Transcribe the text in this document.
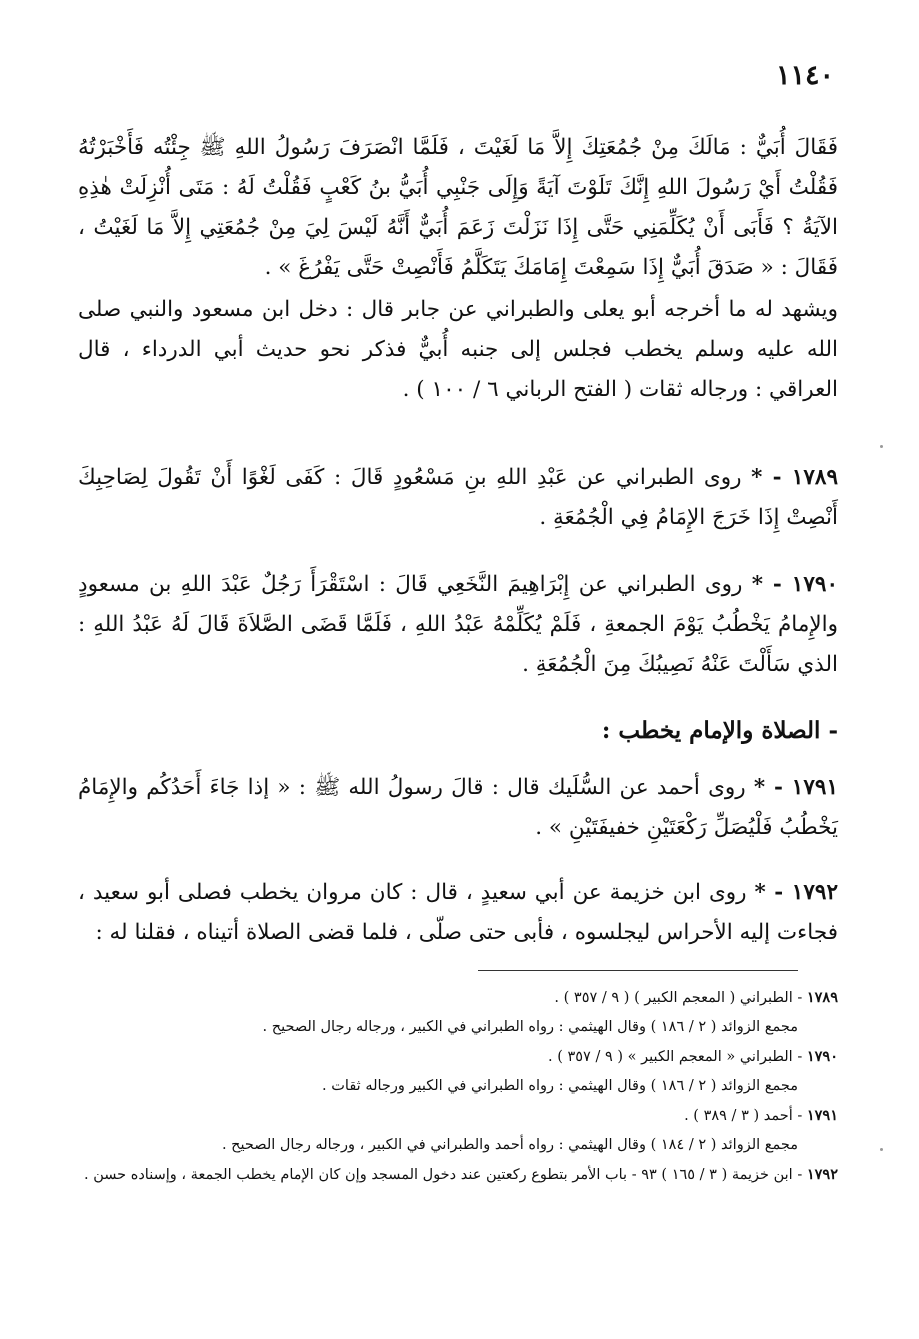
١١٤٠

فَقَالَ أُبَيٌّ : مَالَكَ مِنْ جُمُعَتِكَ إِلاَّ مَا لَغَيْتَ ، فَلَمَّا انْصَرَفَ رَسُولُ اللهِ ﷺ جِئْتُه فَأَخْبَرْتُهُ فَقُلْتُ أَيْ رَسُولَ اللهِ إِنَّكَ تَلَوْتَ آيَةً وَإِلَى جَنْبِي أُبَيُّ بنُ كَعْبٍ فَقُلْتُ لَهُ : مَتَى أُنْزِلَتْ هٰذِهِ الآيَةُ ؟ فَأَبَى أَنْ يُكَلِّمَنِي حَتَّى إِذَا نَزَلْتَ زَعَمَ أُبَيٌّ أَنَّهُ لَيْسَ لِيَ مِنْ جُمُعَتِي إِلاَّ مَا لَغَيْتُ ، فَقَالَ : « صَدَقَ أُبَيٌّ إِذَا سَمِعْتَ إِمَامَكَ يَتَكَلَّمُ فَأَنْصِتْ حَتَّى يَفْرُغَ » .

ويشهد له ما أخرجه أبو يعلى والطبراني عن جابر قال : دخل ابن مسعود والنبي صلى الله عليه وسلم يخطب فجلس إلى جنبه أُبيٌّ فذكر نحو حديث أبي الدرداء ، قال العراقي : ورجاله ثقات ( الفتح الرباني ٦ / ١٠٠ ) .

١٧٨٩ - * روى الطبراني عن عَبْدِ اللهِ بنِ مَسْعُودٍ قَالَ : كَفَى لَغْوًا أَنْ تَقُولَ لِصَاحِبِكَ أَنْصِتْ إِذَا خَرَجَ الإِمَامُ فِي الْجُمُعَةِ .

١٧٩٠ - * روى الطبراني عن إِبْرَاهِيمَ النَّخَعِي قَالَ : اسْتَقْرَأَ رَجُلٌ عَبْدَ اللهِ بن مسعودٍ والإِمامُ يَخْطُبُ يَوْمَ الجمعةِ ، فَلَمْ يُكَلِّمْهُ عَبْدُ اللهِ ، فَلَمَّا قَضَى الصَّلاَةَ قَالَ لَهُ عَبْدُ اللهِ : الذي سَأَلْتَ عَنْهُ نَصِيبُكَ مِنَ الْجُمُعَةِ .

- الصلاة والإمام يخطب :

١٧٩١ - * روى أحمد عن السُّلَيك قال : قالَ رسولُ الله ﷺ : « إذا جَاءَ أَحَدُكُم والإِمَامُ يَخْطُبُ فَلْيُصَلِّ رَكْعَتَيْنِ خفيفَتَيْنِ » .

١٧٩٢ - * روى ابن خزيمة عن أبي سعيدٍ ، قال : كان مروان يخطب فصلى أبو سعيد ، فجاءت إليه الأحراس ليجلسوه ، فأبى حتى صلّى ، فلما قضى الصلاة أتيناه ، فقلنا له :

١٧٨٩ - الطبراني ( المعجم الكبير ) ( ٩ / ٣٥٧ ) .

مجمع الزوائد ( ٢ / ١٨٦ ) وقال الهيثمي : رواه الطبراني في الكبير ، ورجاله رجال الصحيح .

١٧٩٠ - الطبراني « المعجم الكبير » ( ٩ / ٣٥٧ ) .

مجمع الزوائد ( ٢ / ١٨٦ ) وقال الهيثمي : رواه الطبراني في الكبير ورجاله ثقات .

١٧٩١ - أحمد ( ٣ / ٣٨٩ ) .

مجمع الزوائد ( ٢ / ١٨٤ ) وقال الهيثمي : رواه أحمد والطبراني في الكبير ، ورجاله رجال الصحيح .

١٧٩٢ - ابن خزيمة ( ٣ / ١٦٥ ) ٩٣ - باب الأمر بتطوع ركعتين عند دخول المسجد وإن كان الإمام يخطب الجمعة ، وإسناده حسن .
